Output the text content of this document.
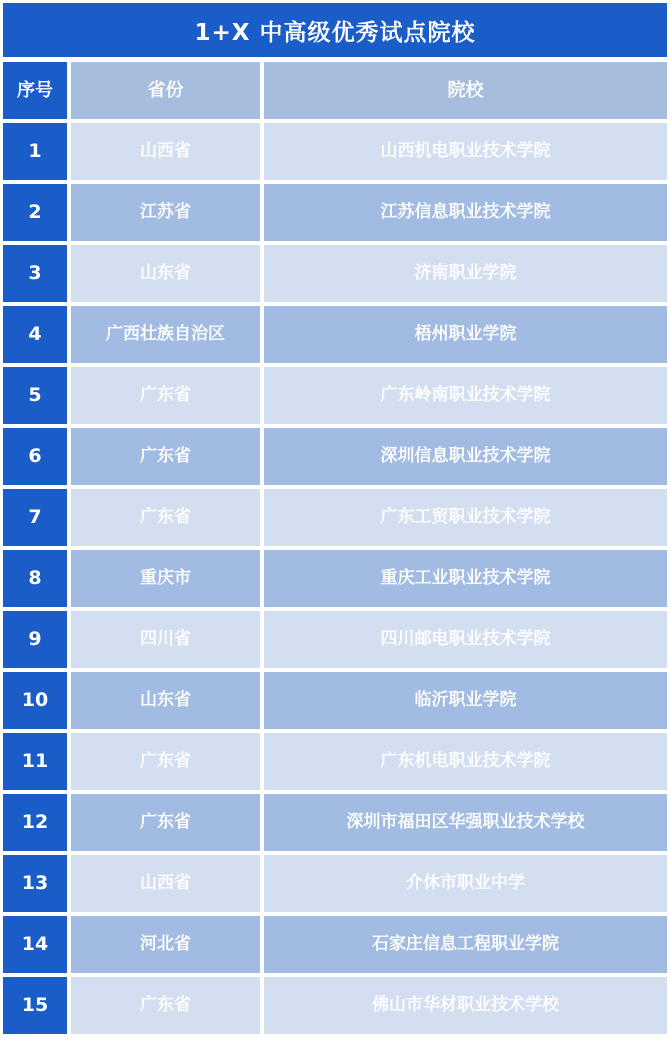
1+X 中高级优秀试点院校
序号	省份	院校
1	山西省	山西机电职业技术学院
2	江苏省	江苏信息职业技术学院
3	山东省	济南职业学院
4	广西壮族自治区	梧州职业学院
5	广东省	广东岭南职业技术学院
6	广东省	深圳信息职业技术学院
7	广东省	广东工贸职业技术学院
8	重庆市	重庆工业职业技术学院
9	四川省	四川邮电职业技术学院
10	山东省	临沂职业学院
11	广东省	广东机电职业技术学院
12	广东省	深圳市福田区华强职业技术学校
13	山西省	介休市职业中学
14	河北省	石家庄信息工程职业学院
15	广东省	佛山市华材职业技术学校
